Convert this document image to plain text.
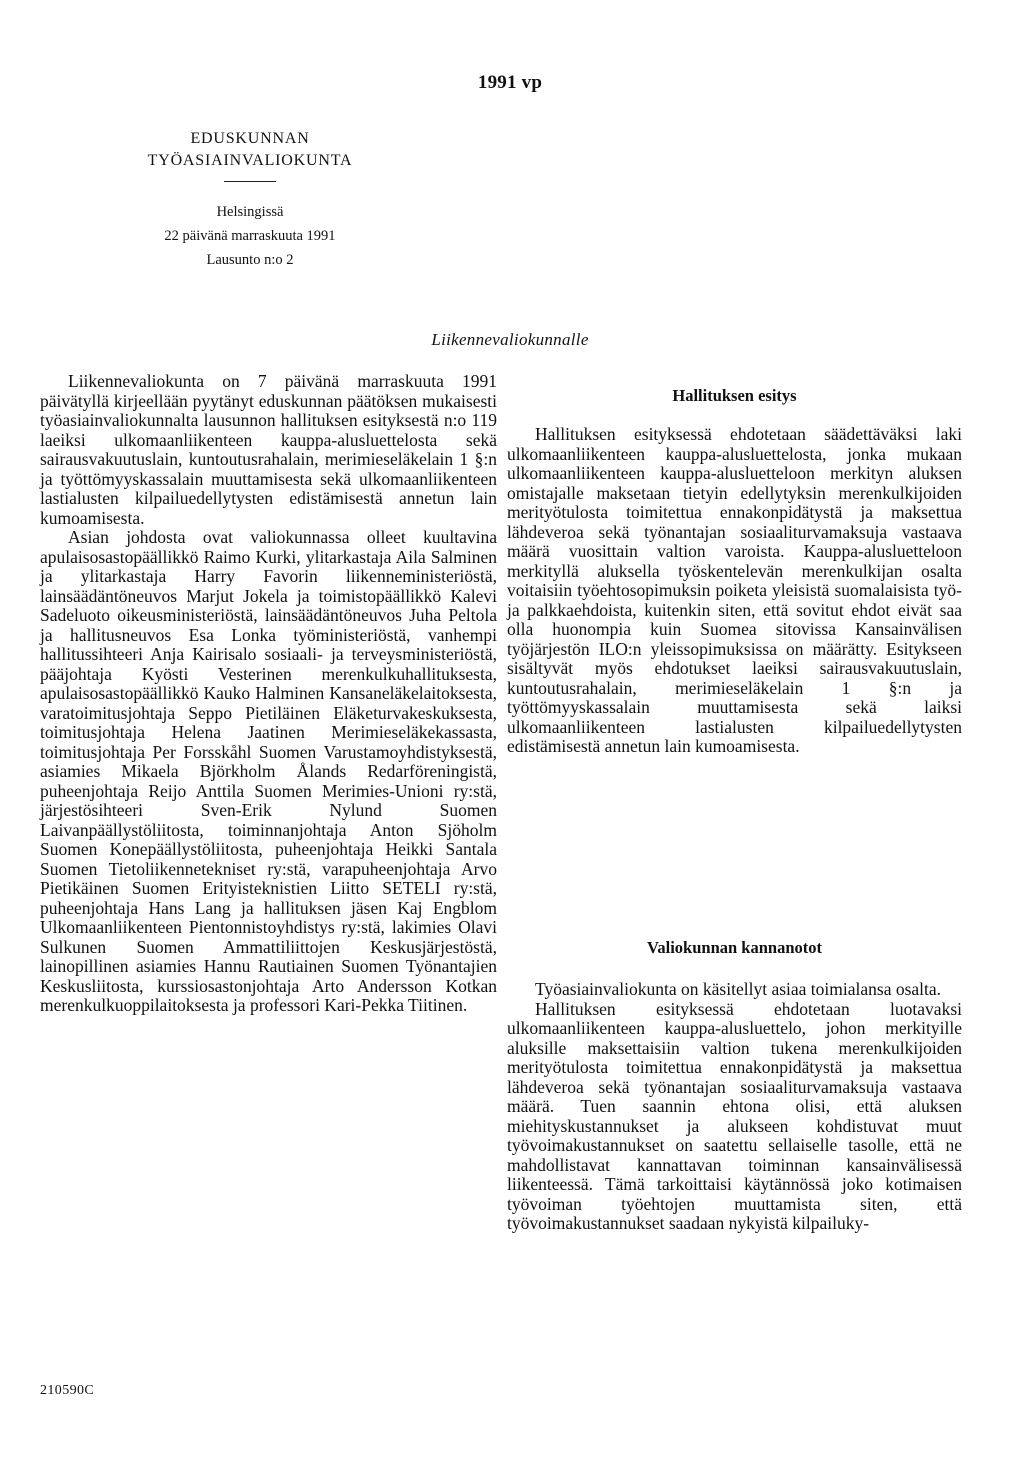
1991 vp
EDUSKUNNAN
TYÖASIAINVALIOKUNTA
Helsingissä
22 päivänä marraskuuta 1991
Lausunto n:o 2
Liikennevaliokunnalle

Liikennevaliokunta on 7 päivänä marraskuuta 1991 päivätyllä kirjeellään pyytänyt eduskunnan päätöksen mukaisesti työasiainvaliokunnalta lausunnon hallituksen esityksestä n:o 119 laeiksi ulkomaanliikenteen kauppa-alusluettelosta sekä sairausvakuutuslain, kuntoutusrahalain, merimieseläkelain 1 §:n ja työttömyyskassalain muuttamisesta sekä ulkomaanliikenteen lastialusten kilpailuedellytysten edistämisestä annetun lain kumoamisesta.

Asian johdosta ovat valiokunnassa olleet kuultavina apulaisosastopäällikkö Raimo Kurki, ylitarkastaja Aila Salminen ja ylitarkastaja Harry Favorin liikenneministeriöstä, lainsäädäntöneuvos Marjut Jokela ja toimistopäällikkö Kalevi Sadeluoto oikeusministeriöstä, lainsäädäntöneuvos Juha Peltola ja hallitusneuvos Esa Lonka työministeriöstä, vanhempi hallitussihteeri Anja Kairisalo sosiaali- ja terveysministeriöstä, pääjohtaja Kyösti Vesterinen merenkulkuhallituksesta, apulaisosastopäällikkö Kauko Halminen Kansaneläkelaitoksesta, varatoimitusjohtaja Seppo Pietiläinen Eläketurvakeskuksesta, toimitusjohtaja Helena Jaatinen Merimieseläkekassasta, toimitusjohtaja Per Forsskåhl Suomen Varustamoyhdistyksestä, asiamies Mikaela Björkholm Ålands Redarföreningistä, puheenjohtaja Reijo Anttila Suomen Merimies-Unioni ry:stä, järjestösihteeri Sven-Erik Nylund Suomen Laivanpäällystöliitosta, toiminnanjohtaja Anton Sjöholm Suomen Konepäällystöliitosta, puheenjohtaja Heikki Santala Suomen Tietoliikennetekniset ry:stä, varapuheenjohtaja Arvo Pietikäinen Suomen Erityisteknistien Liitto SETELI ry:stä, puheenjohtaja Hans Lang ja hallituksen jäsen Kaj Engblom Ulkomaanliikenteen Pientonnistoyhdistys ry:stä, lakimies Olavi Sulkunen Suomen Ammattiliittojen Keskusjärjestöstä, lainopillinen asiamies Hannu Rautiainen Suomen Työnantajien Keskusliitosta, kurssiosastonjohtaja Arto Andersson Kotkan merenkulkuoppilaitoksesta ja professori Kari-Pekka Tiitinen.

Hallituksen esitys

Hallituksen esityksessä ehdotetaan säädettäväksi laki ulkomaanliikenteen kauppa-alusluettelosta, jonka mukaan ulkomaanliikenteen kauppa-alusluetteloon merkityn aluksen omistajalle maksetaan tietyin edellytyksin merenkulkijoiden merityötulosta toimitettua ennakonpidätystä ja maksettua lähdeveroa sekä työnantajan sosiaaliturvamaksuja vastaava määrä vuosittain valtion varoista. Kauppa-alusluetteloon merkityllä aluksella työskentelevän merenkulkijan osalta voitaisiin työehtosopimuksin poiketa yleisistä suomalaisista työ- ja palkkaehdoista, kuitenkin siten, että sovitut ehdot eivät saa olla huonompia kuin Suomea sitovissa Kansainvälisen työjärjestön ILO:n yleissopimuksissa on määrätty. Esitykseen sisältyvät myös ehdotukset laeiksi sairausvakuutuslain, kuntoutusrahalain, merimieseläkelain 1 §:n ja työttömyyskassalain muuttamisesta sekä laiksi ulkomaanliikenteen lastialusten kilpailuedellytysten edistämisestä annetun lain kumoamisesta.

Valiokunnan kannanotot

Työasiainvaliokunta on käsitellyt asiaa toimialansa osalta.

Hallituksen esityksessä ehdotetaan luotavaksi ulkomaanliikenteen kauppa-alusluettelo, johon merkityille aluksille maksettaisiin valtion tukena merenkulkijoiden merityötulosta toimitettua ennakonpidätystä ja maksettua lähdeveroa sekä työnantajan sosiaaliturvamaksuja vastaava määrä. Tuen saannin ehtona olisi, että aluksen miehityskustannukset ja alukseen kohdistuvat muut työvoimakustannukset on saatettu sellaiselle tasolle, että ne mahdollistavat kannattavan toiminnan kansainvälisessä liikenteessä. Tämä tarkoittaisi käytännössä joko kotimaisen työvoiman työehtojen muuttamista siten, että työvoimakustannukset saadaan nykyistä kilpailuky-

210590C
